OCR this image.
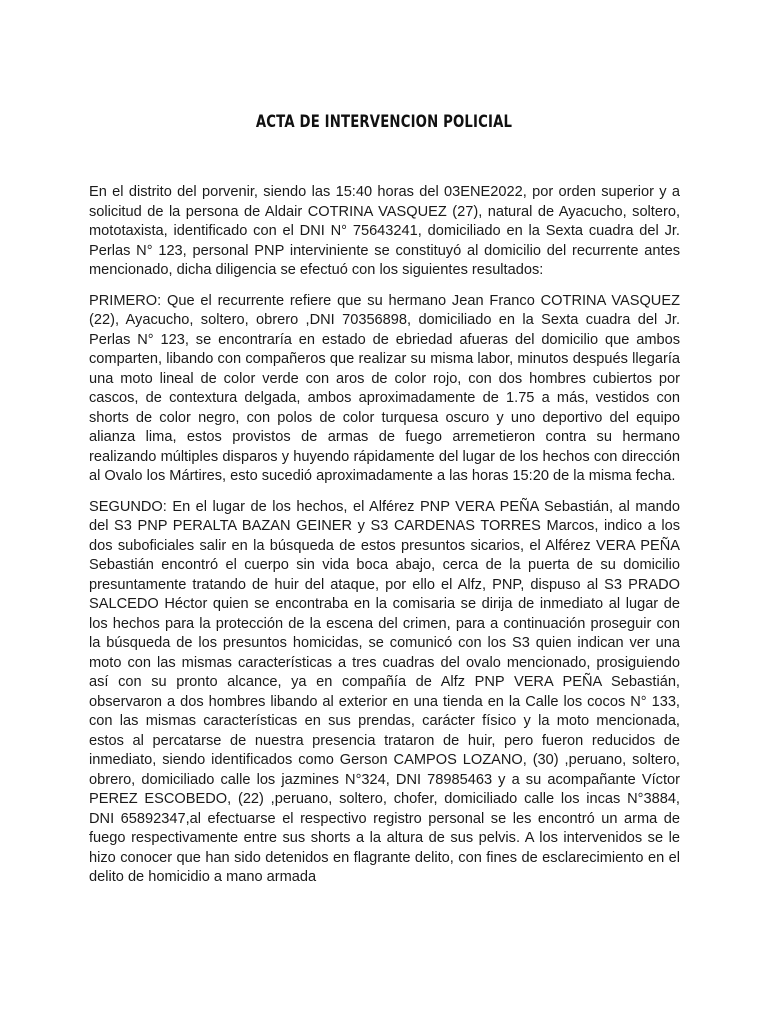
ACTA DE INTERVENCION POLICIAL

En el distrito del porvenir, siendo las 15:40 horas del 03ENE2022, por orden superior y a solicitud de la persona de Aldair COTRINA VASQUEZ (27), natural de Ayacucho, soltero, mototaxista, identificado con el DNI N° 75643241, domiciliado en la Sexta cuadra del Jr. Perlas N° 123, personal PNP interviniente se constituyó al domicilio del recurrente antes mencionado, dicha diligencia se efectuó con los siguientes resultados:

PRIMERO: Que el recurrente refiere que su hermano Jean Franco COTRINA VASQUEZ (22), Ayacucho, soltero, obrero ,DNI 70356898, domiciliado en la Sexta cuadra del Jr. Perlas N° 123, se encontraría en estado de ebriedad afueras del domicilio que ambos comparten, libando con compañeros que realizar su misma labor, minutos después llegaría una moto lineal de color verde con aros de color rojo, con dos hombres cubiertos por cascos, de contextura delgada, ambos aproximadamente de 1.75 a más, vestidos con shorts de color negro, con polos de color turquesa oscuro y uno deportivo del equipo alianza lima, estos provistos de armas de fuego arremetieron contra su hermano realizando múltiples disparos y huyendo rápidamente del lugar de los hechos con dirección al Ovalo los Mártires, esto sucedió aproximadamente a las horas 15:20 de la misma fecha.

SEGUNDO: En el lugar de los hechos, el Alférez PNP VERA PEÑA Sebastián, al mando del S3 PNP PERALTA BAZAN GEINER y S3 CARDENAS TORRES Marcos, indico a los dos suboficiales salir en la búsqueda de estos presuntos sicarios, el Alférez VERA PEÑA Sebastián encontró el cuerpo sin vida boca abajo, cerca de la puerta de su domicilio presuntamente tratando de huir del ataque, por ello el Alfz, PNP, dispuso al S3 PRADO SALCEDO Héctor quien se encontraba en la comisaria se dirija de inmediato al lugar de los hechos para la protección de la escena del crimen, para a continuación proseguir con la búsqueda de los presuntos homicidas, se comunicó con los S3 quien indican ver una moto con las mismas características a tres cuadras del ovalo mencionado, prosiguiendo así con su pronto alcance, ya en compañía de Alfz PNP VERA PEÑA Sebastián, observaron a dos hombres libando al exterior en una tienda en la Calle los cocos N° 133, con las mismas características en sus prendas, carácter físico y la moto mencionada, estos al percatarse de nuestra presencia trataron de huir, pero fueron reducidos de inmediato, siendo identificados como Gerson CAMPOS LOZANO, (30) ,peruano, soltero, obrero, domiciliado calle los jazmines N°324, DNI 78985463 y a su acompañante Víctor PEREZ ESCOBEDO, (22) ,peruano, soltero, chofer, domiciliado calle los incas N°3884, DNI 65892347,al efectuarse el respectivo registro personal se les encontró un arma de fuego respectivamente entre sus shorts a la altura de sus pelvis. A los intervenidos se le hizo conocer que han sido detenidos en flagrante delito, con fines de esclarecimiento en el delito de homicidio a mano armada
